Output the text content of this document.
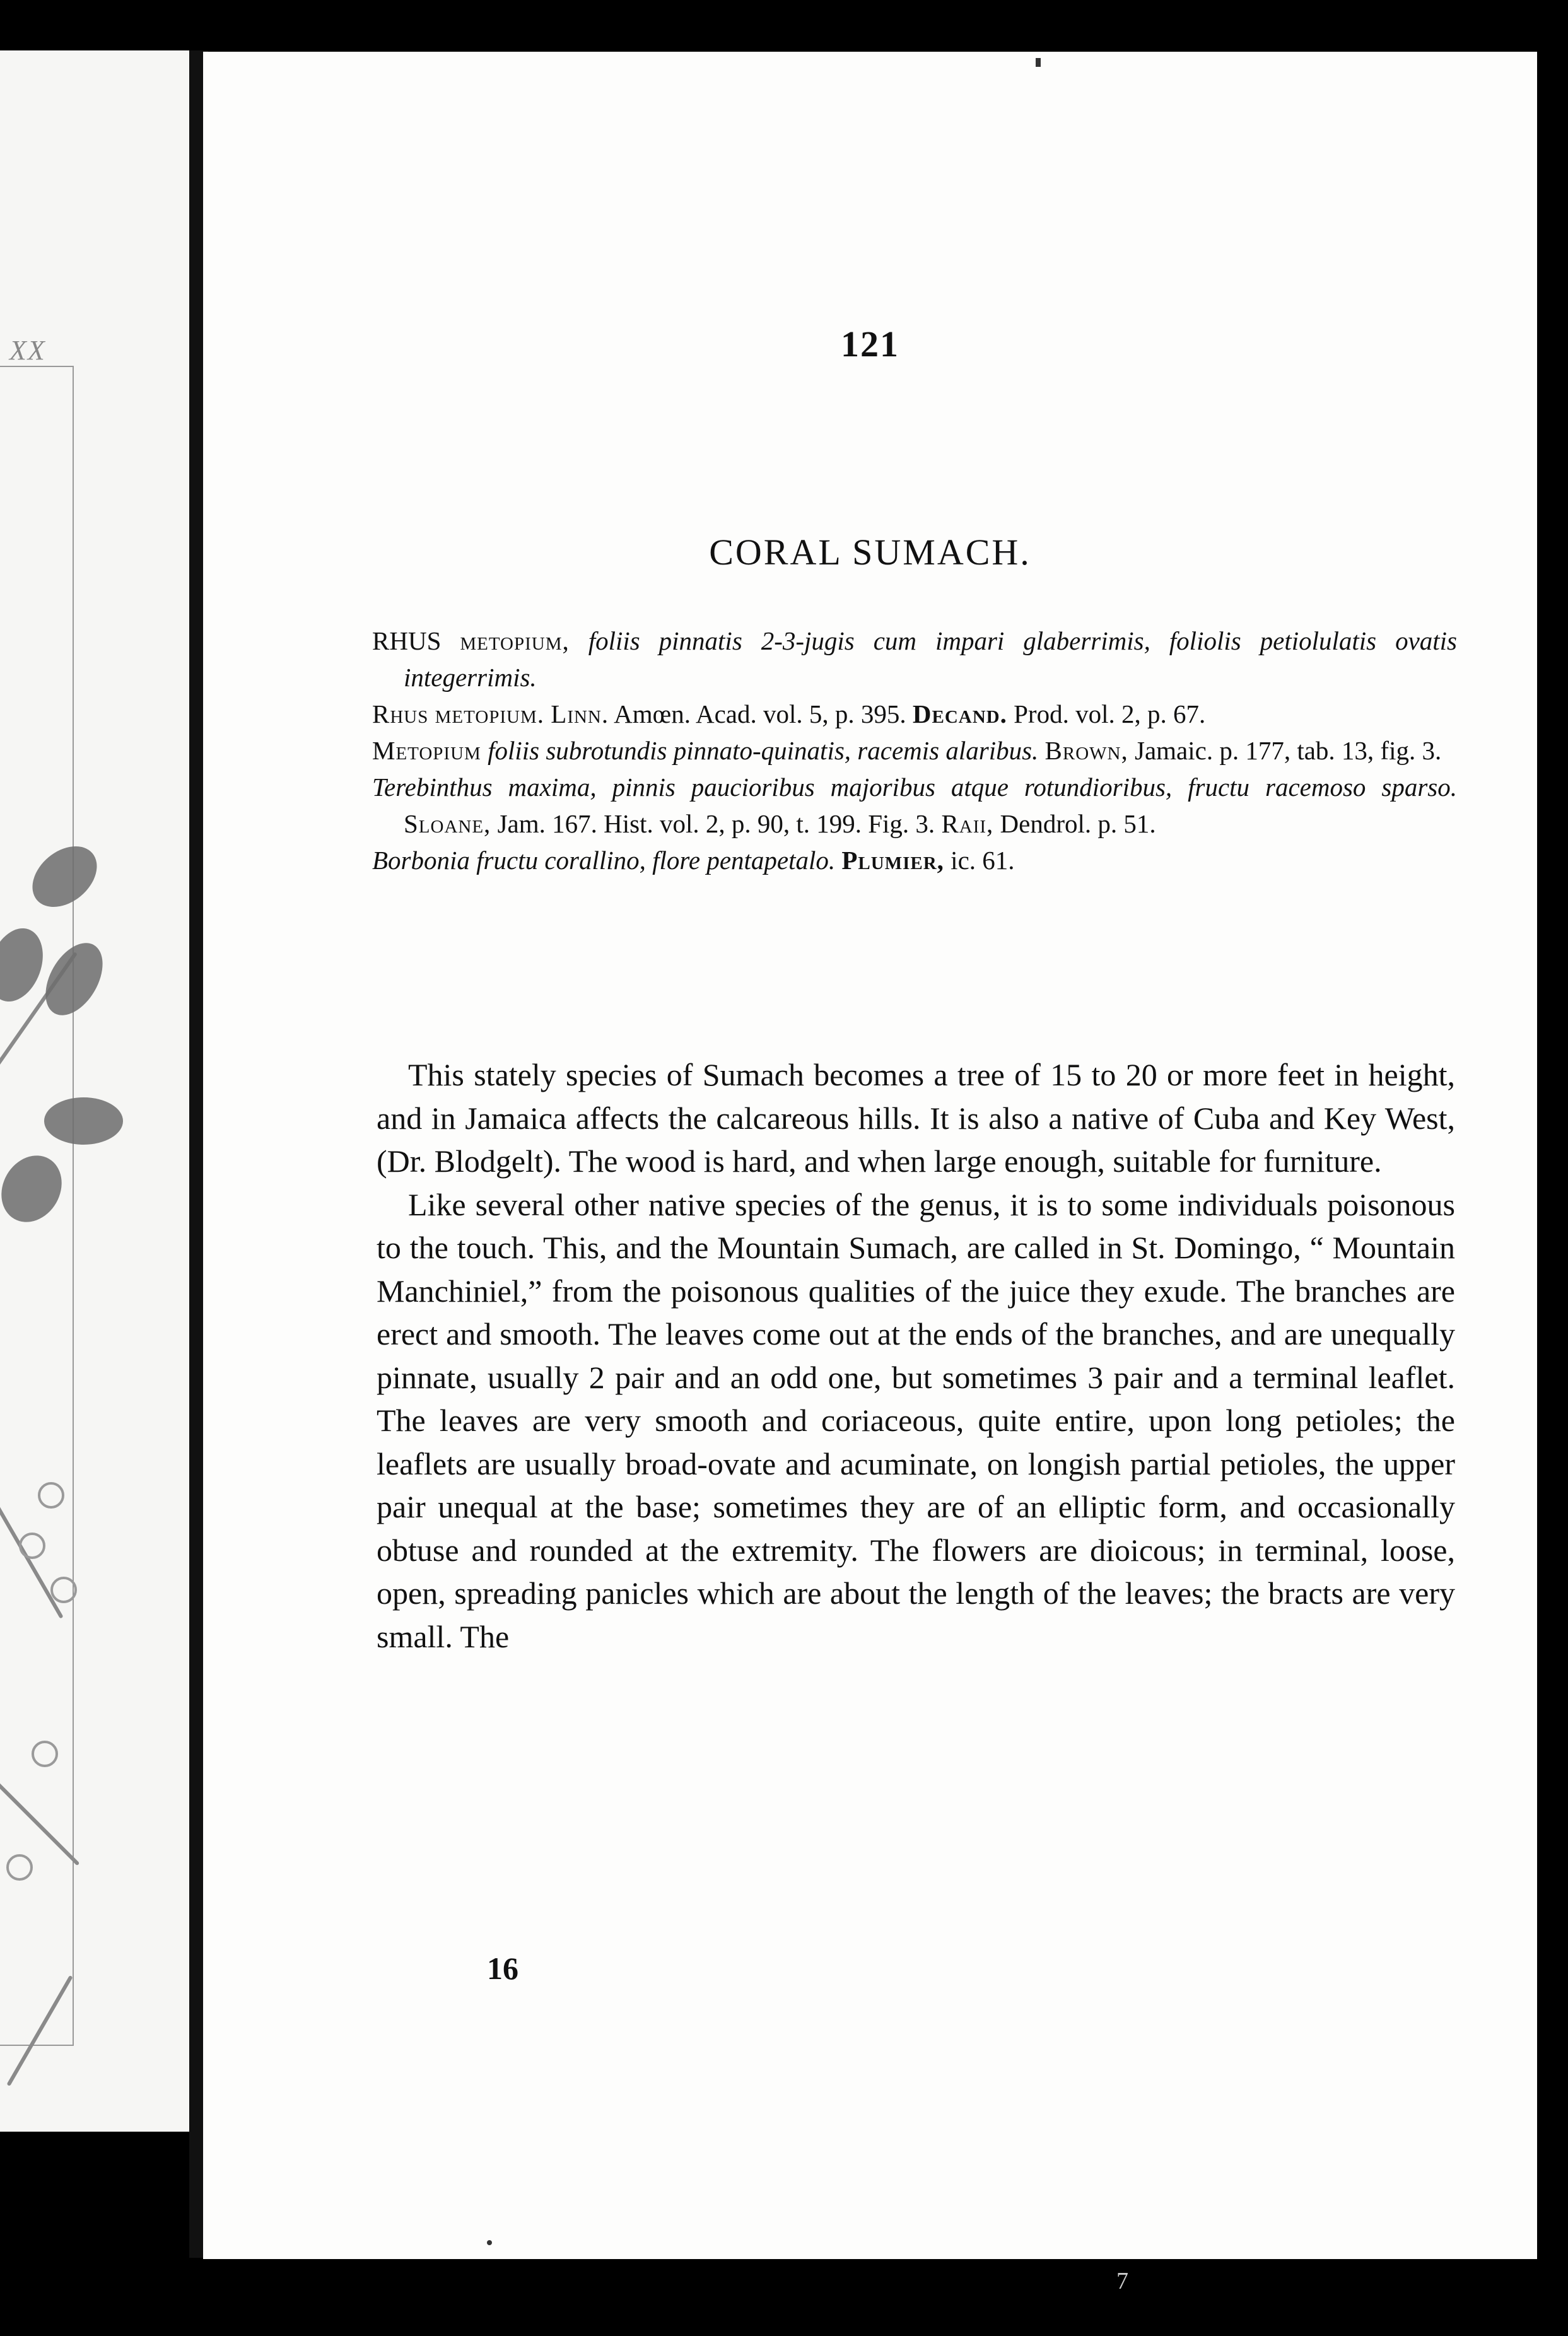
XX	121
CORAL SUMACH.
RHUS metopium, foliis pinnatis 2-3-jugis cum impari glaberrimis, foliolis petiolulatis ovatis integerrimis.
Rhus metopium. Linn. Amœn. Acad. vol. 5, p. 395. Decand. Prod. vol. 2, p. 67.
Metopium foliis subrotundis pinnato-quinatis, racemis alaribus. Brown, Jamaic. p. 177, tab. 13, fig. 3.
Terebinthus maxima, pinnis paucioribus majoribus atque rotundioribus, fructu racemoso sparso. Sloane, Jam. 167. Hist. vol. 2, p. 90, t. 199. Fig. 3. Raii, Dendrol. p. 51.
Borbonia fructu corallino, flore pentapetalo. Plumier, ic. 61.

This stately species of Sumach becomes a tree of 15 to 20 or more feet in height, and in Jamaica affects the calcareous hills. It is also a native of Cuba and Key West, (Dr. Blodgelt). The wood is hard, and when large enough, suitable for furniture.

Like several other native species of the genus, it is to some individuals poisonous to the touch. This, and the Mountain Sumach, are called in St. Domingo, “ Mountain Manchiniel,” from the poisonous qualities of the juice they exude. The branches are erect and smooth. The leaves come out at the ends of the branches, and are unequally pinnate, usually 2 pair and an odd one, but sometimes 3 pair and a terminal leaflet. The leaves are very smooth and coriaceous, quite entire, upon long petioles; the leaflets are usually broad-ovate and acuminate, on longish partial petioles, the upper pair unequal at the base; sometimes they are of an elliptic form, and occasionally obtuse and rounded at the extremity. The flowers are dioicous; in terminal, loose, open, spreading panicles which are about the length of the leaves; the bracts are very small. The

16
7
